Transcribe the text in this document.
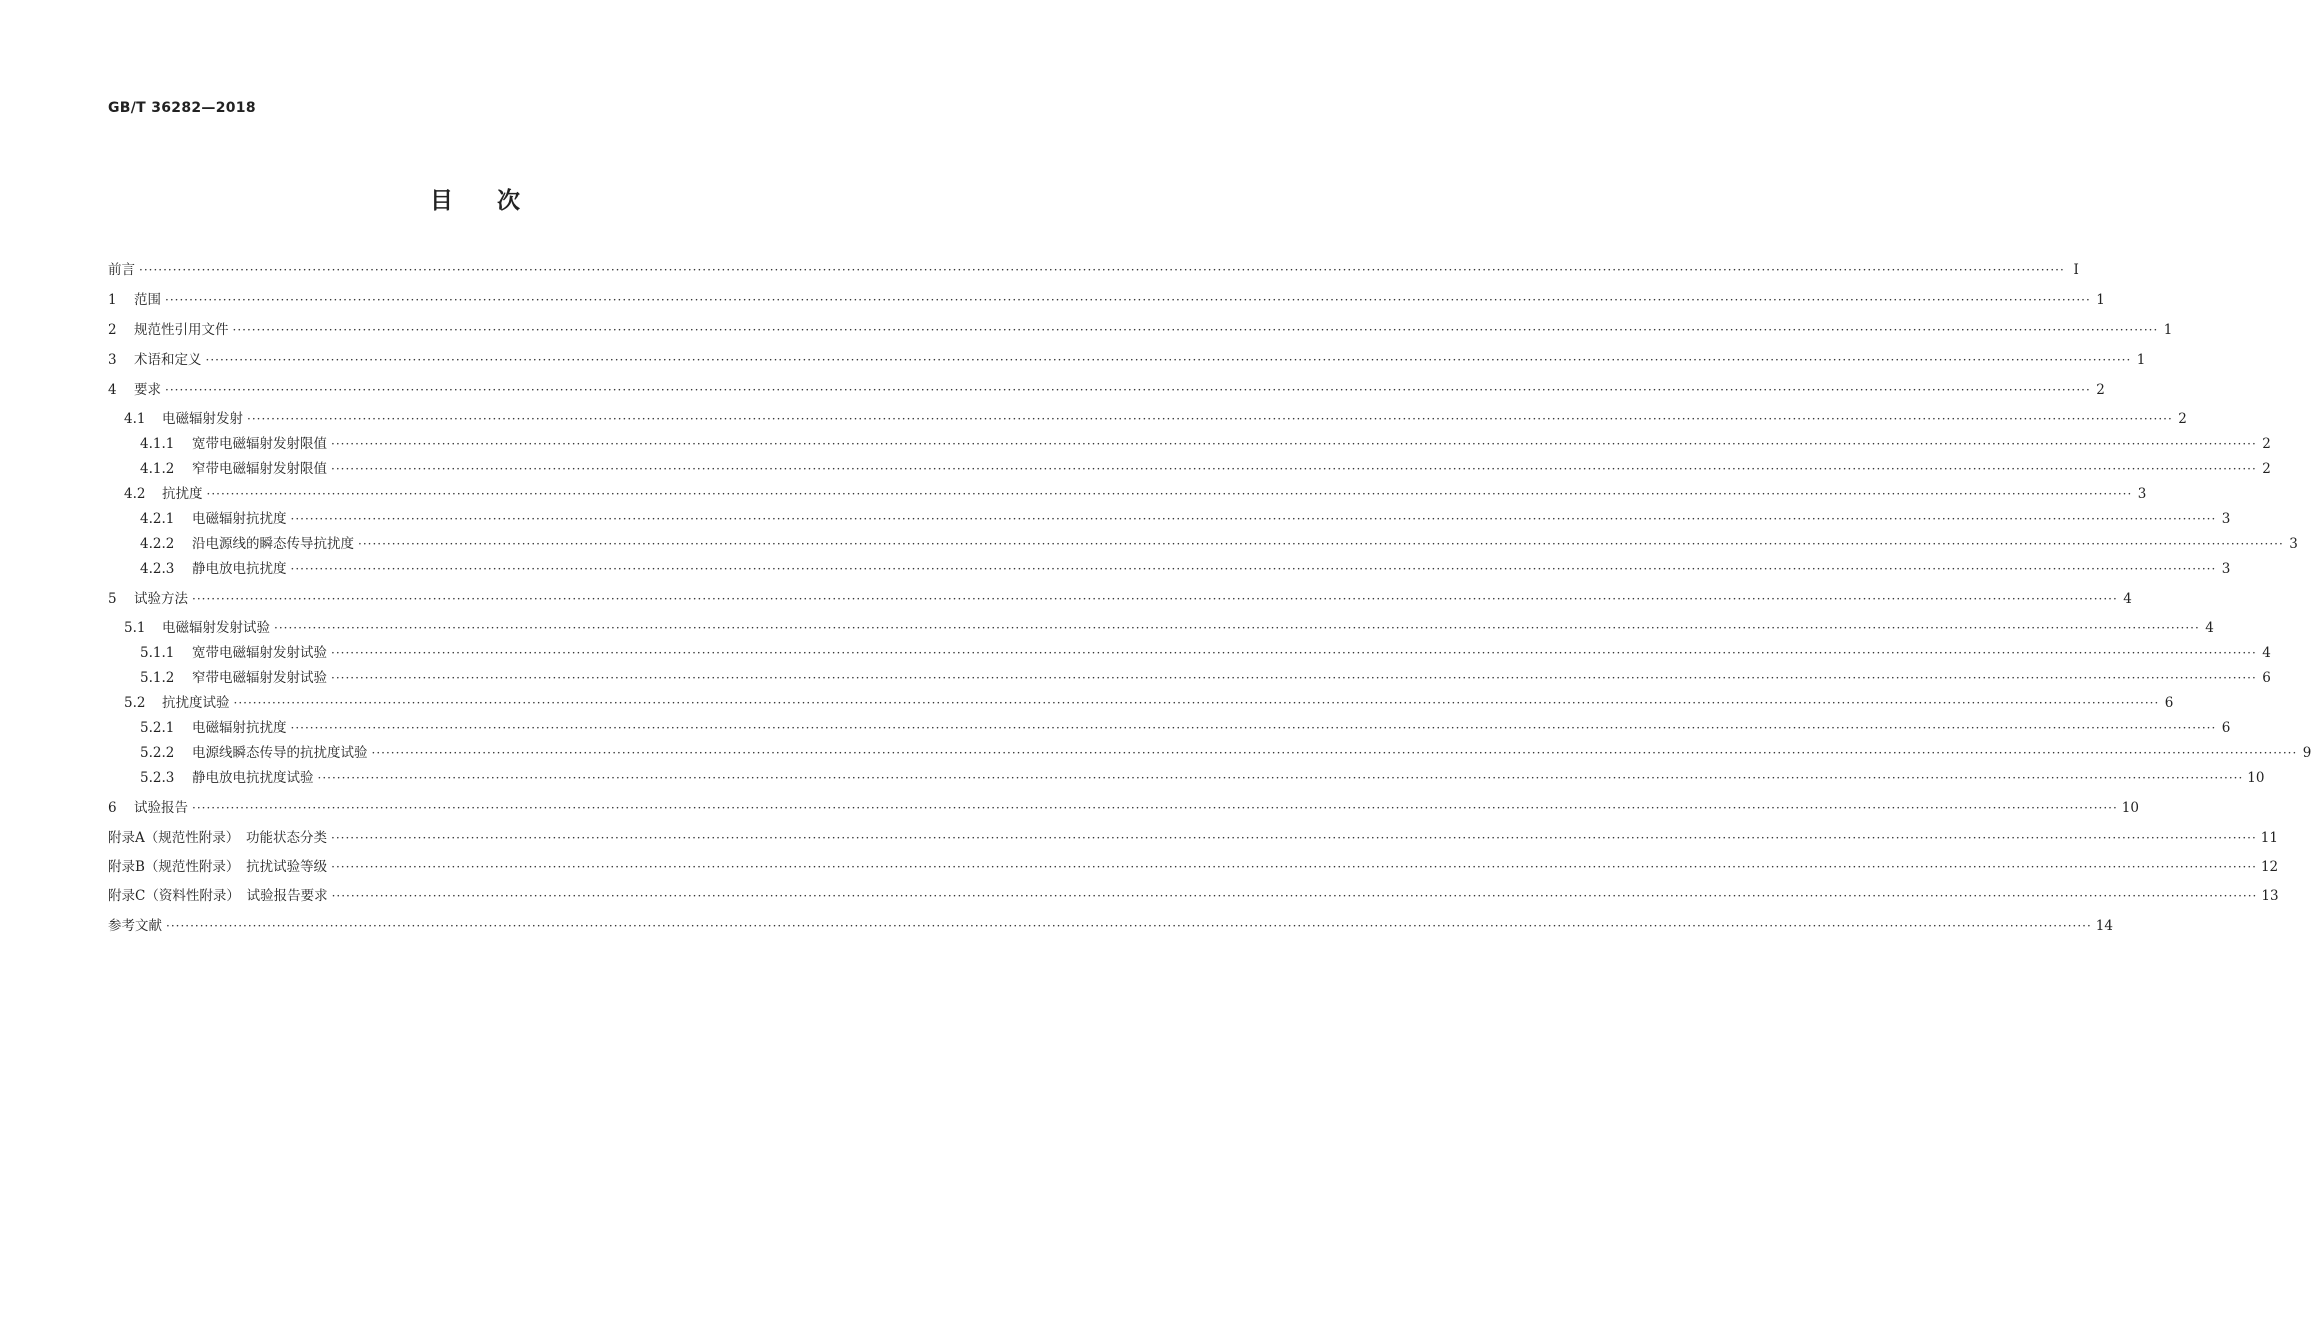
GB/T 36282—2018
目次
前言 ················································································································································································································································································································································································································ Ⅰ
1	范围 ················································································································································································································································································································································································································ 1
2	规范性引用文件 ················································································································································································································································································································································································································ 1
3	术语和定义 ················································································································································································································································································································································································································ 1
4	要求 ················································································································································································································································································································································································································ 2
4.1	电磁辐射发射 ················································································································································································································································································································································································································ 2
4.1.1	宽带电磁辐射发射限值 ················································································································································································································································································································································································································ 2
4.1.2	窄带电磁辐射发射限值 ················································································································································································································································································································································································································ 2
4.2	抗扰度 ················································································································································································································································································································································································································ 3
4.2.1	电磁辐射抗扰度 ················································································································································································································································································································································································································ 3
4.2.2	沿电源线的瞬态传导抗扰度 ················································································································································································································································································································································································································ 3
4.2.3	静电放电抗扰度 ················································································································································································································································································································································································································ 3
5	试验方法 ················································································································································································································································································································································································································ 4
5.1	电磁辐射发射试验 ················································································································································································································································································································································································································ 4
5.1.1	宽带电磁辐射发射试验 ················································································································································································································································································································································································································ 4
5.1.2	窄带电磁辐射发射试验 ················································································································································································································································································································································································································ 6
5.2	抗扰度试验 ················································································································································································································································································································································································································ 6
5.2.1	电磁辐射抗扰度 ················································································································································································································································································································································································································ 6
5.2.2	电源线瞬态传导的抗扰度试验 ················································································································································································································································································································································································································ 9
5.2.3	静电放电抗扰度试验 ················································································································································································································································································································································································································ 10
6	试验报告 ················································································································································································································································································································································································································ 10
附录A（规范性附录）　功能状态分类 ················································································································································································································································································································································································································ 11
附录B（规范性附录）　抗扰试验等级 ················································································································································································································································································································································································································ 12
附录C（资料性附录）　试验报告要求 ················································································································································································································································································································································································································ 13
参考文献 ················································································································································································································································································································································································································ 14
